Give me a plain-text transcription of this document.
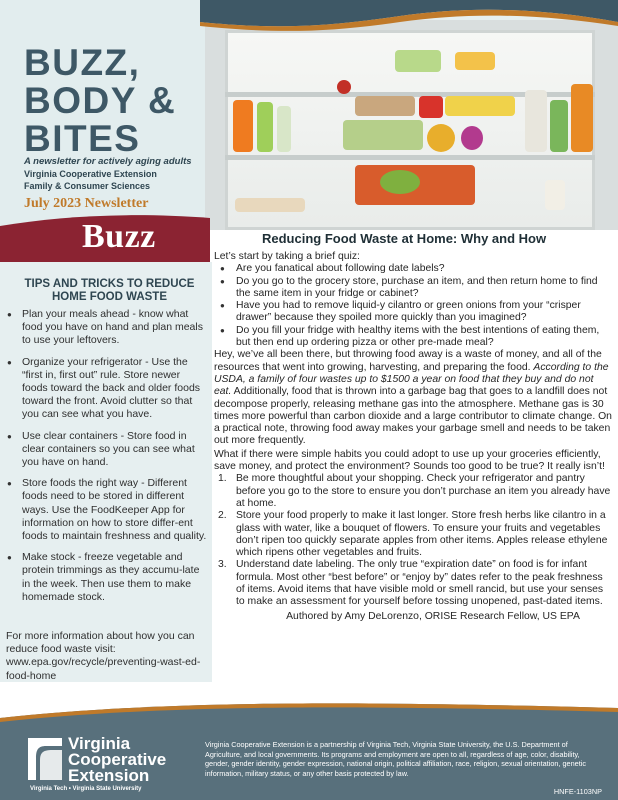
BUZZ,
BODY &
BITES
A newsletter for actively aging adults
Virginia Cooperative Extension
Family & Consumer Sciences
July 2023 Newsletter
Buzz
TIPS AND TRICKS TO REDUCE HOME FOOD WASTE
● Plan your meals ahead - know what food you have on hand and plan meals to use your leftovers.
● Organize your refrigerator - Use the “first in, first out” rule. Store newer foods toward the back and older foods toward the front. Avoid clutter so that you can see what you have.
● Use clear containers - Store food in clear containers so you can see what you have on hand.
● Store foods the right way - Different foods need to be stored in different ways. Use the FoodKeeper App for information on how to store differ-ent foods to maintain freshness and quality.
● Make stock - freeze vegetable and protein trimmings as they accumu-late in the week. Then use them to make homemade stock.
For more information about how you can reduce food waste visit: www.epa.gov/recycle/preventing-wast-ed-food-home
Reducing Food Waste at Home: Why and How

Let’s start by taking a brief quiz:

● Are you fanatical about following date labels?
● Do you go to the grocery store, purchase an item, and then return home to find the same item in your fridge or cabinet?
● Have you had to remove liquid-y cilantro or green onions from your “crisper drawer” because they spoiled more quickly than you imagined?
● Do you fill your fridge with healthy items with the best intentions of eating them, but then end up ordering pizza or other pre-made meal?

Hey, we’ve all been there, but throwing food away is a waste of money, and all of the resources that went into growing, harvesting, and preparing the food. According to the USDA, a family of four wastes up to $1500 a year on food that they buy and do not eat. Additionally, food that is thrown into a garbage bag that goes to a landfill does not decompose properly, releasing methane gas into the atmosphere. Methane gas is 30 times more powerful than carbon dioxide and a large contributor to climate change. On a practical note, throwing food away makes your garbage smell and needs to be taken out more frequently.

What if there were simple habits you could adopt to use up your groceries efficiently, save money, and protect the environment? Sounds too good to be true? It really isn’t!

1. Be more thoughtful about your shopping. Check your refrigerator and pantry before you go to the store to ensure you don’t purchase an item you already have at home.
2. Store your food properly to make it last longer. Store fresh herbs like cilantro in a glass with water, like a bouquet of flowers. To ensure your fruits and vegetables don’t ripen too quickly separate apples from other items. Apples release ethylene which ripens other vegetables and fruits.
3. Understand date labeling. The only true “expiration date” on food is for infant formula. Most other “best before” or “enjoy by” dates refer to the peak freshness of items. Avoid items that have visible mold or smell rancid, but use your senses to make an assessment for yourself before tossing unopened, past-dated items.

Authored by Amy DeLorenzo, ORISE Research Fellow, US EPA

Virginia
Cooperative
Extension
Virginia Tech • Virginia State University
Virginia Cooperative Extension is a partnership of Virginia Tech, Virginia State University, the U.S. Department of Agriculture, and local governments. Its programs and employment are open to all, regardless of age, color, disability, gender, gender identity, gender expression, national origin, political affiliation, race, religion, sexual orientation, genetic information, military status, or any other basis protected by law.
HNFE-1103NP
